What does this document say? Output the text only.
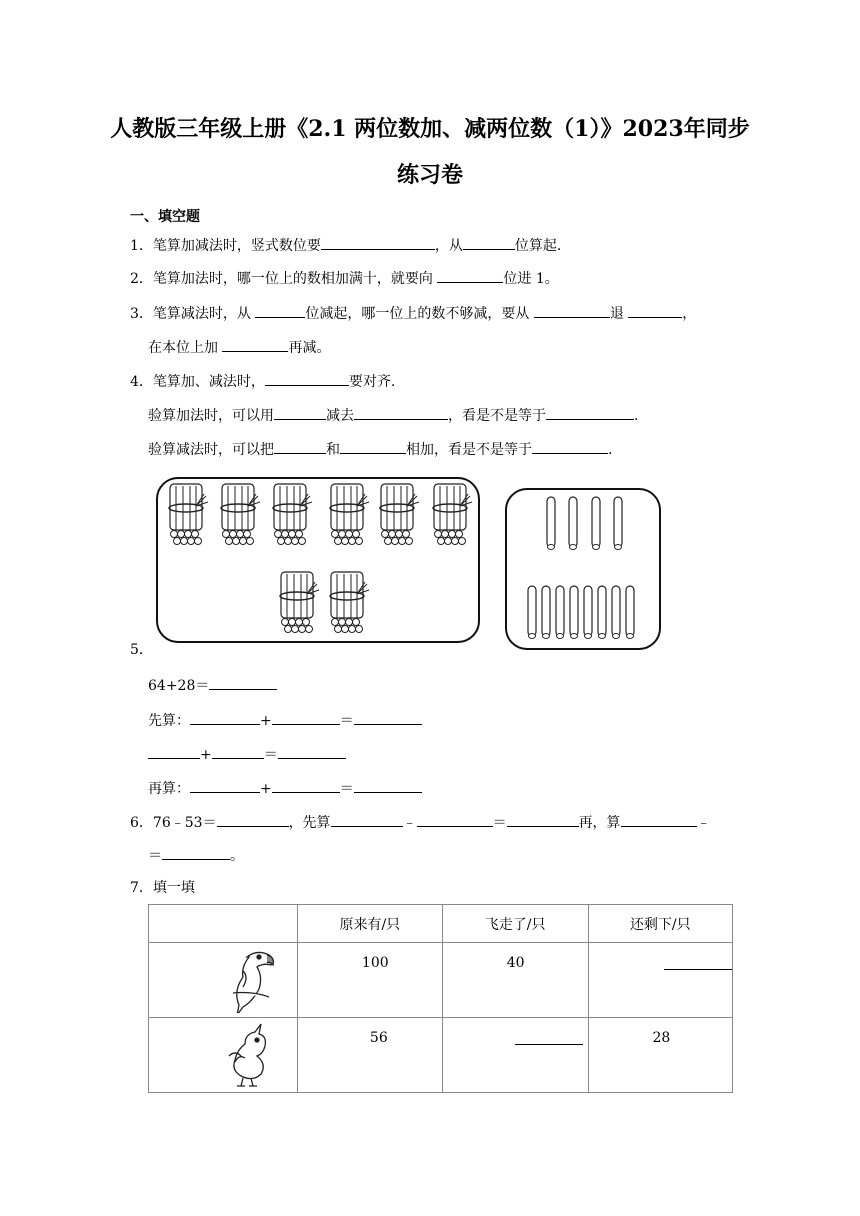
人教版三年级上册《2.1 两位数加、减两位数（1）》2023年同步
练习卷
一、填空题
1．笔算加减法时，竖式数位要	，从	位算起.
2．笔算加法时，哪一位上的数相加满十，就要向	位进 1。
3．笔算减法时，从	位减起，哪一位上的数不够减，要从	退	，
在本位上加	再减。
4．笔算加、减法时，	要对齐.
验算加法时，可以用	减去	，看是不是等于	.
验算减法时，可以把	和	相加，看是不是等于	.
5．
64+28＝
先算：	+	＝
+	＝
再算：	+	＝
6．76﹣53＝	，先算	﹣	＝	再，算	﹣
＝	。
7．填一填
	原来有/只	飞走了/只	还剩下/只
	100	40	
	56		28
